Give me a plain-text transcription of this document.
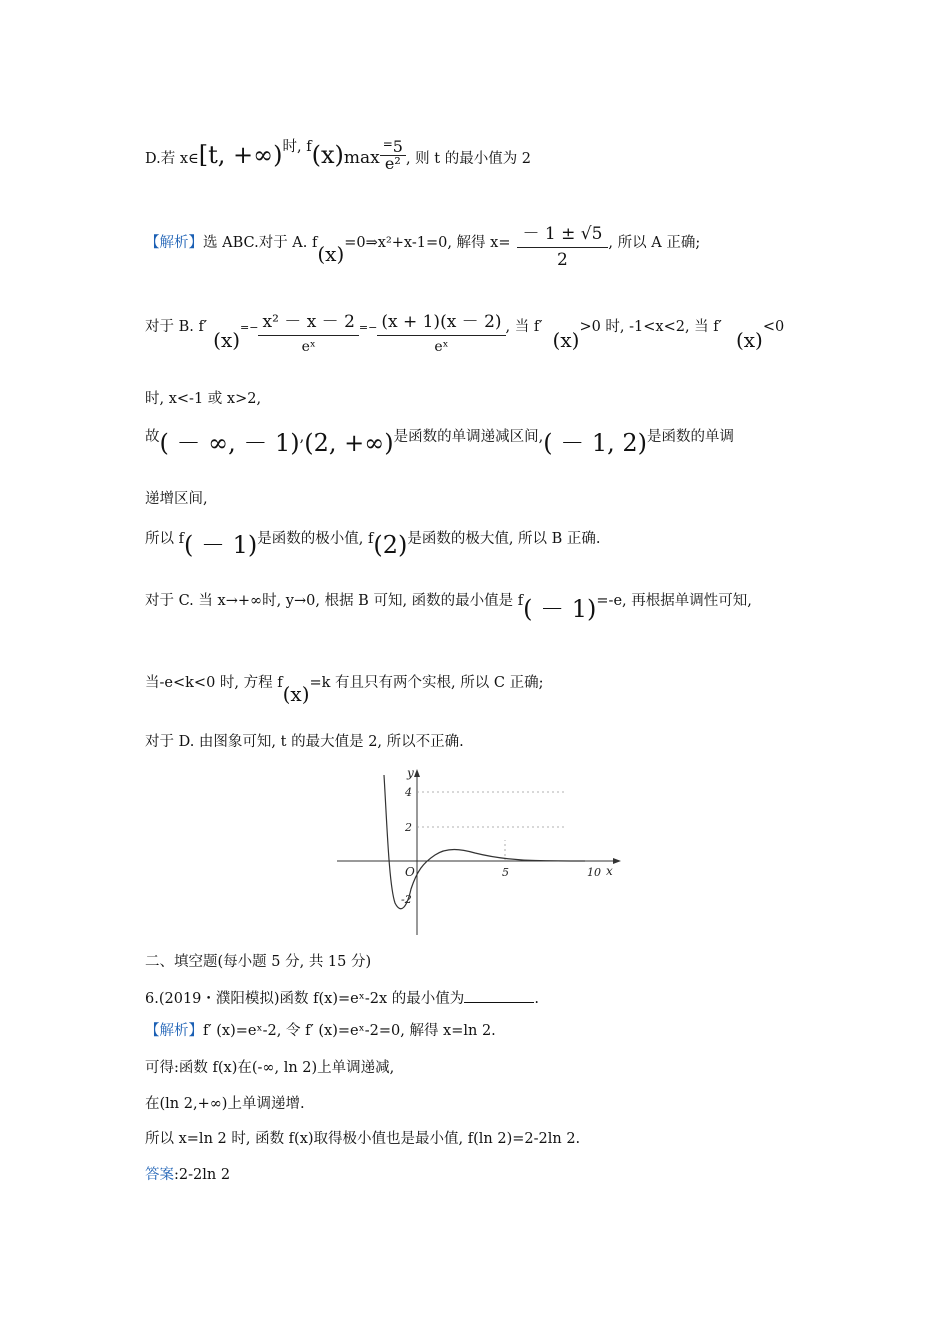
D.若 x∈[t, +∞)时, $f(x)\max \frac{^=5}{\text{e²}}$ , 则 t 的最小值为 2
【解析】选 ABC.对于 A. f(x)=0⇒x²+x-1=0, 解得 $x= \frac{- 1 \pm √5}{2}$ , 所以 A 正确;
对于 B. $f'(x)=- \frac{\text{x² － x － 2}}{\text{eˣ}} =- \frac{(x + 1)(x - 2)}{\text{eˣ}}$ , 当 f′(x)>0 时, -1<x<2, 当 f′(x)<0
时, x<-1 或 x>2,
故( － ∞, － 1),(2, +∞)是函数的单调递减区间,( － 1, 2)是函数的单调
递增区间,
所以 f( － 1)是函数的极小值, f(2)是函数的极大值, 所以 B 正确.
对于 C. 当 x→+∞时, y→0, 根据 B 可知, 函数的最小值是 f( － 1)=-e, 再根据单调性可知,
当-e<k<0 时, 方程 f(x)=k 有且只有两个实根, 所以 C 正确;
对于 D. 由图象可知, t 的最大值是 2, 所以不正确.
y
x
O
4
2
-2
5	10
二、填空题(每小题 5 分, 共 15 分)
6.(2019・濮阳模拟)函数 f(x)=eˣ-2x 的最小值为	.
【解析】f′ (x)=eˣ-2, 令 f′ (x)=eˣ-2=0, 解得 x=ln 2.
可得:函数 f(x)在(-∞, ln 2)上单调递减,
在(ln 2,+∞)上单调递增.
所以 x=ln 2 时, 函数 f(x)取得极小值也是最小值, f(ln 2)=2-2ln 2.
答案:2-2ln 2
